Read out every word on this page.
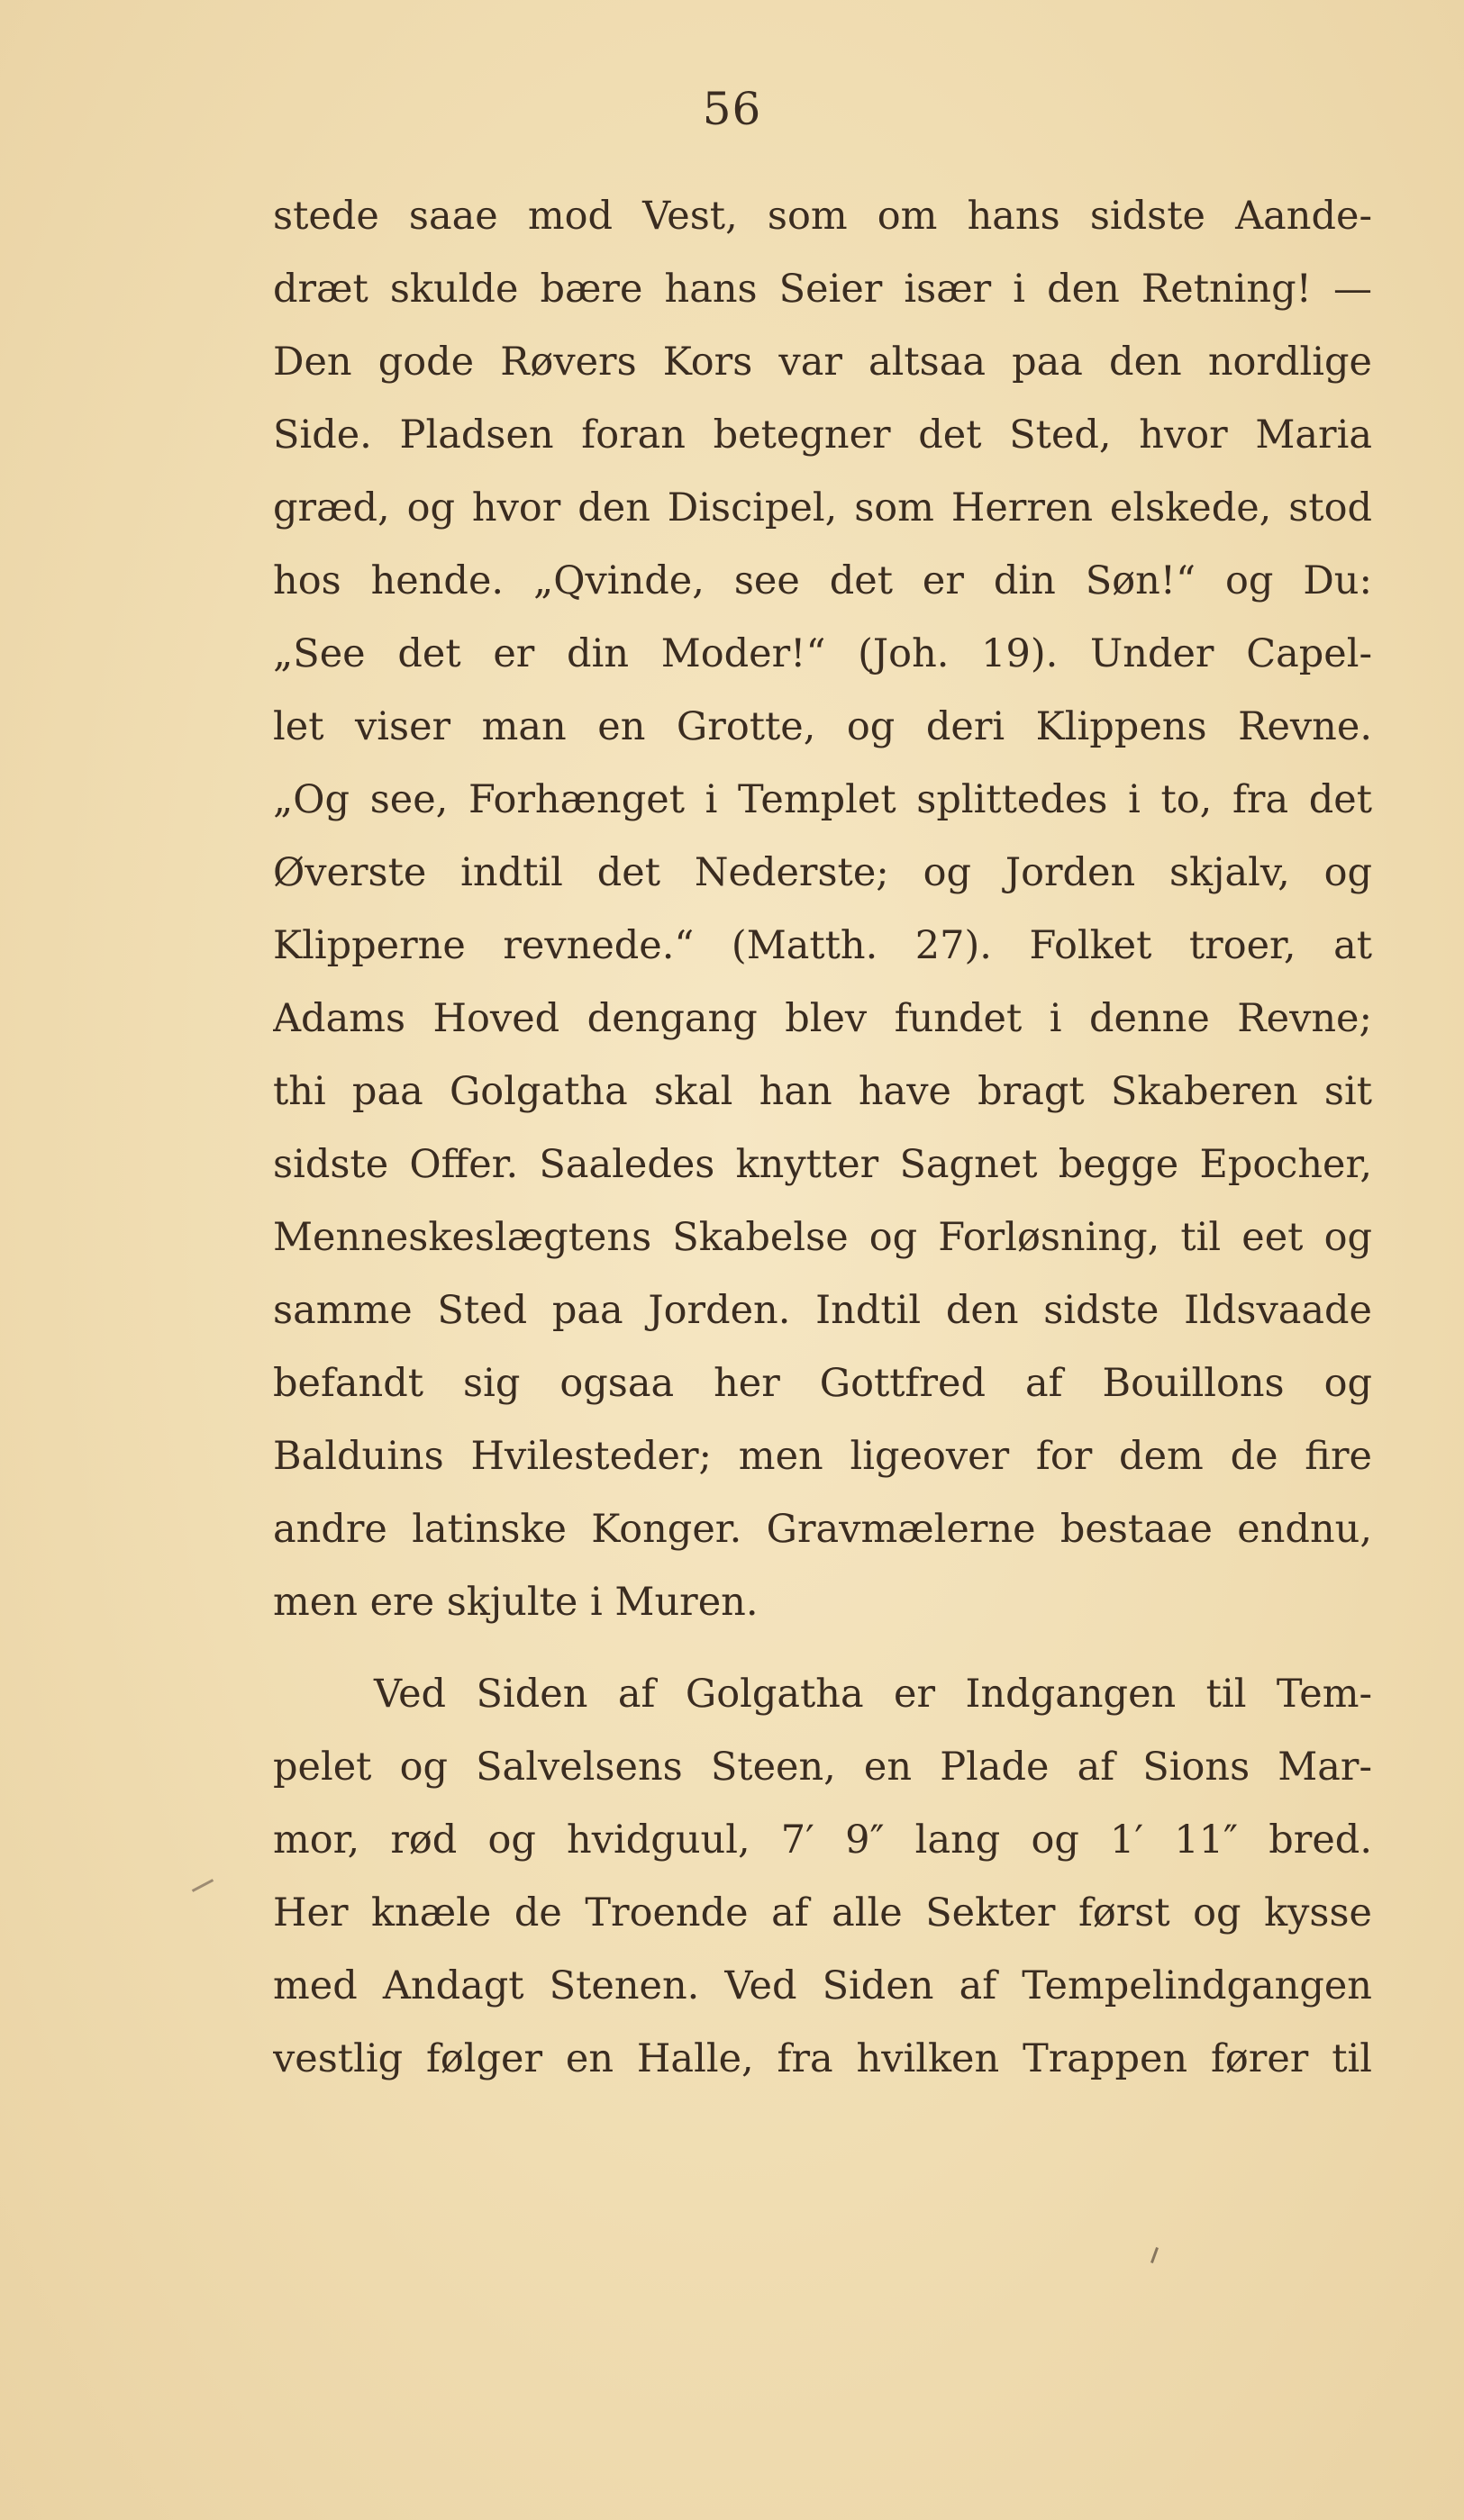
56
stede saae mod Vest, som om hans sidste Aande-
dræt skulde bære hans Seier især i den Retning! —
Den gode Røvers Kors var altsaa paa den nordlige
Side. Pladsen foran betegner det Sted, hvor Maria
græd, og hvor den Discipel, som Herren elskede, stod
hos hende. „Qvinde, see det er din Søn!“ og Du:
„See det er din Moder!“ (Joh. 19). Under Capel-
let viser man en Grotte, og deri Klippens Revne.
„Og see, Forhænget i Templet splittedes i to, fra det
Øverste indtil det Nederste; og Jorden skjalv, og
Klipperne revnede.“ (Matth. 27). Folket troer, at
Adams Hoved dengang blev fundet i denne Revne;
thi paa Golgatha skal han have bragt Skaberen sit
sidste Offer. Saaledes knytter Sagnet begge Epocher,
Menneskeslægtens Skabelse og Forløsning, til eet og
samme Sted paa Jorden. Indtil den sidste Ildsvaade
befandt sig ogsaa her Gottfred af Bouillons og
Balduins Hvilesteder; men ligeover for dem de fire
andre latinske Konger. Gravmælerne bestaae endnu,
men ere skjulte i Muren.
Ved Siden af Golgatha er Indgangen til Tem-
pelet og Salvelsens Steen, en Plade af Sions Mar-
mor, rød og hvidguul, 7′ 9″ lang og 1′ 11″ bred.
Her knæle de Troende af alle Sekter først og kysse
med Andagt Stenen. Ved Siden af Tempelindgangen
vestlig følger en Halle, fra hvilken Trappen fører til
